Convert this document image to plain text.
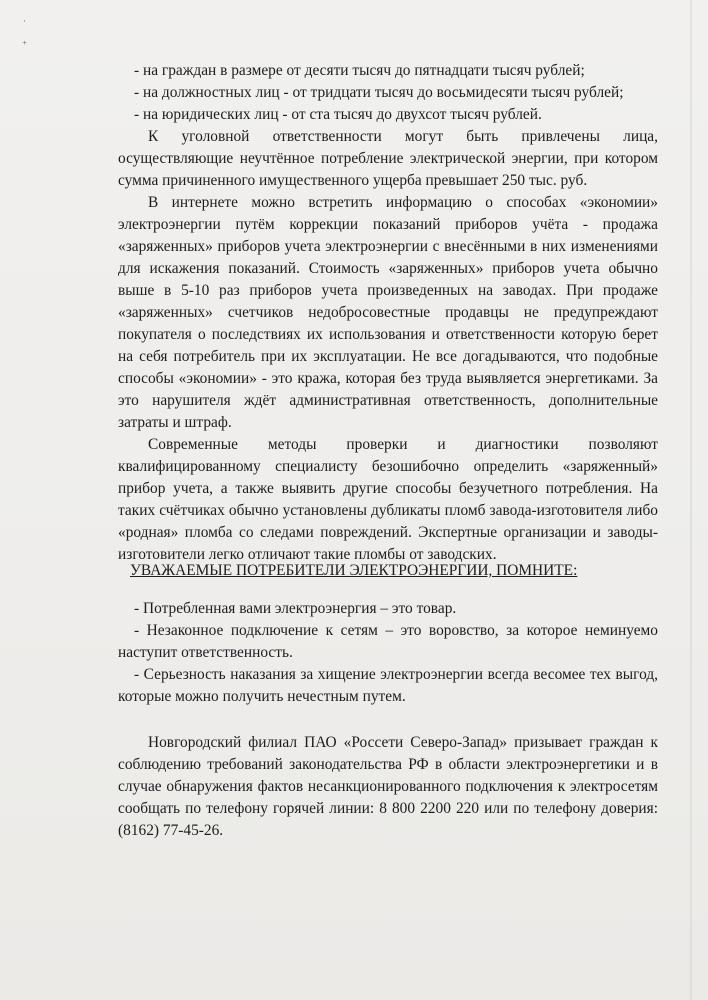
˙
⁺

- на граждан в размере от десяти тысяч до пятнадцати тысяч рублей;

- на должностных лиц - от тридцати тысяч до восьмидесяти тысяч рублей;

- на юридических лиц - от ста тысяч до двухсот тысяч рублей.

К уголовной ответственности могут быть привлечены лица, осуществляющие неучтённое потребление электрической энергии, при котором сумма причиненного имущественного ущерба превышает 250 тыс. руб.

В интернете можно встретить информацию о способах «экономии» электроэнергии путём коррекции показаний приборов учёта - продажа «заряженных» приборов учета электроэнергии с внесёнными в них изменениями для искажения показаний. Стоимость «заряженных» приборов учета обычно выше в 5-10 раз приборов учета произведенных на заводах. При продаже «заряженных» счетчиков недобросовестные продавцы не предупреждают покупателя о последствиях их использования и ответственности которую берет на себя потребитель при их эксплуатации. Не все догадываются, что подобные способы «экономии» - это кража, которая без труда выявляется энергетиками. За это нарушителя ждёт административная ответственность, дополнительные затраты и штраф.

Современные методы проверки и диагностики позволяют квалифицированному специалисту безошибочно определить «заряженный» прибор учета, а также выявить другие способы безучетного потребления. На таких счётчиках обычно установлены дубликаты пломб завода-изготовителя либо «родная» пломба со следами повреждений. Экспертные организации и заводы-изготовители легко отличают такие пломбы от заводских.

УВАЖАЕМЫЕ ПОТРЕБИТЕЛИ ЭЛЕКТРОЭНЕРГИИ, ПОМНИТЕ:

- Потребленная вами электроэнергия – это товар.

- Незаконное подключение к сетям – это воровство, за которое неминуемо наступит ответственность.

- Серьезность наказания за хищение электроэнергии всегда весомее тех выгод, которые можно получить нечестным путем.

Новгородский филиал ПАО «Россети Северо-Запад» призывает граждан к соблюдению требований законодательства РФ в области электроэнергетики и в случае обнаружения фактов несанкционированного подключения к электросетям сообщать по телефону горячей линии: 8 800 2200 220 или по телефону доверия: (8162) 77-45-26.
